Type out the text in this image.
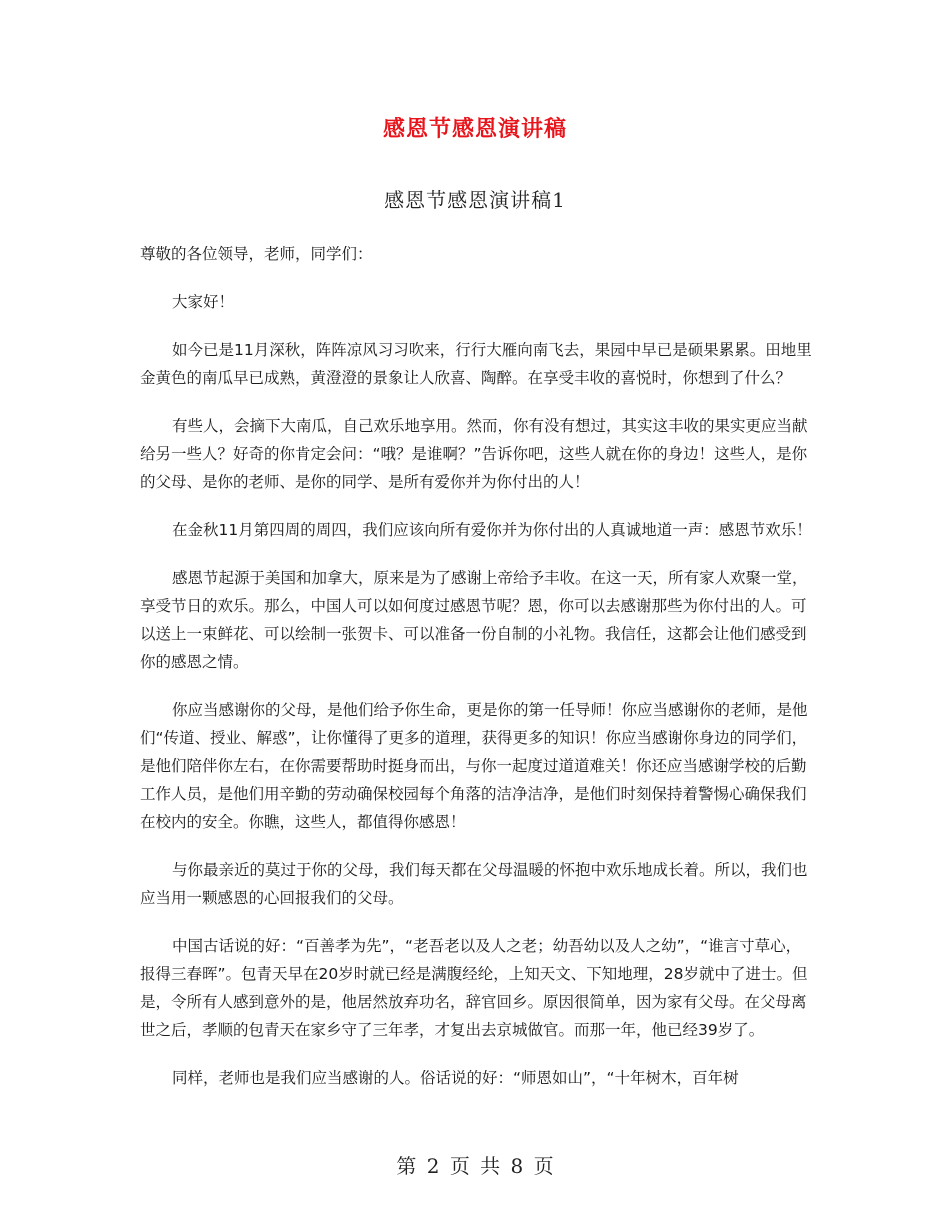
感恩节感恩演讲稿
感恩节感恩演讲稿1

尊敬的各位领导，老师，同学们：

大家好！

如今已是11月深秋，阵阵凉风习习吹来，行行大雁向南飞去，果园中早已是硕果累累。田地里金黄色的南瓜早已成熟，黄澄澄的景象让人欣喜、陶醉。在享受丰收的喜悦时，你想到了什么？

有些人，会摘下大南瓜，自己欢乐地享用。然而，你有没有想过，其实这丰收的果实更应当献给另一些人？好奇的你肯定会问：“哦？是谁啊？”告诉你吧，这些人就在你的身边！这些人，是你的父母、是你的老师、是你的同学、是所有爱你并为你付出的人！

在金秋11月第四周的周四，我们应该向所有爱你并为你付出的人真诚地道一声：感恩节欢乐！

感恩节起源于美国和加拿大，原来是为了感谢上帝给予丰收。在这一天，所有家人欢聚一堂，享受节日的欢乐。那么，中国人可以如何度过感恩节呢？恩，你可以去感谢那些为你付出的人。可以送上一束鲜花、可以绘制一张贺卡、可以准备一份自制的小礼物。我信任，这都会让他们感受到你的感恩之情。

你应当感谢你的父母，是他们给予你生命，更是你的第一任导师！你应当感谢你的老师，是他们“传道、授业、解惑”，让你懂得了更多的道理，获得更多的知识！你应当感谢你身边的同学们，是他们陪伴你左右，在你需要帮助时挺身而出，与你一起度过道道难关！你还应当感谢学校的后勤工作人员，是他们用辛勤的劳动确保校园每个角落的洁净洁净，是他们时刻保持着警惕心确保我们在校内的安全。你瞧，这些人，都值得你感恩！

与你最亲近的莫过于你的父母，我们每天都在父母温暖的怀抱中欢乐地成长着。所以，我们也应当用一颗感恩的心回报我们的父母。

中国古话说的好：“百善孝为先”，“老吾老以及人之老；幼吾幼以及人之幼”，“谁言寸草心，报得三春晖”。包青天早在20岁时就已经是满腹经纶，上知天文、下知地理，28岁就中了进士。但是，令所有人感到意外的是，他居然放弃功名，辞官回乡。原因很简单，因为家有父母。在父母离世之后，孝顺的包青天在家乡守了三年孝，才复出去京城做官。而那一年，他已经39岁了。

同样，老师也是我们应当感谢的人。俗话说的好：“师恩如山”，“十年树木，百年树

第 2 页 共 8 页
